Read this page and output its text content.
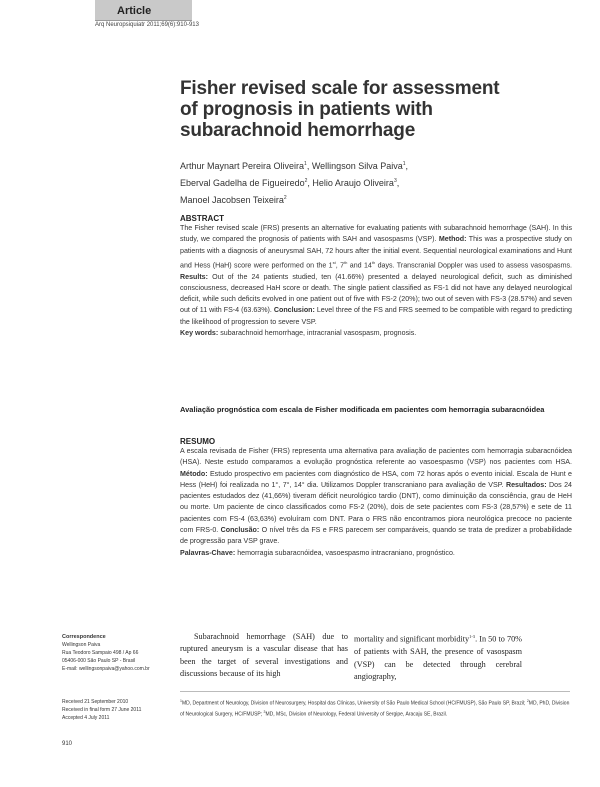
Article
Arq Neuropsiquiatr 2011;69(6):910-913
Fisher revised scale for assessment
of prognosis in patients with
subarachnoid hemorrhage
Arthur Maynart Pereira Oliveira$^1$, Wellingson Silva Paiva$^1$,
Eberval Gadelha de Figueiredo$^2$, Helio Araujo Oliveira$^3$,
Manoel Jacobsen Teixeira$^2$
ABSTRACT
The Fisher revised scale (FRS) presents an alternative for evaluating patients with subarachnoid hemorrhage (SAH). In this study, we compared the prognosis of patients with SAH and vasospasms (VSP). Method: This was a prospective study on patients with a diagnosis of aneurysmal SAH, 72 hours after the initial event. Sequential neurological examinations and Hunt and Hess (HaH) score were performed on the 1st, 7th and 14th days. Transcranial Doppler was used to assess vasospasms. Results: Out of the 24 patients studied, ten (41.66%) presented a delayed neurological deficit, such as diminished consciousness, decreased HaH score or death. The single patient classified as FS-1 did not have any delayed neurological deficit, while such deficits evolved in one patient out of five with FS-2 (20%); two out of seven with FS-3 (28.57%) and seven out of 11 with FS-4 (63.63%). Conclusion: Level three of the FS and FRS seemed to be compatible with regard to predicting the likelihood of progression to severe VSP.
Key words: subarachnoid hemorrhage, intracranial vasospasm, prognosis.
Avaliação prognóstica com escala de Fisher modificada em pacientes com hemorragia subaracnóidea
RESUMO
A escala revisada de Fisher (FRS) representa uma alternativa para avaliação de pacientes com hemorragia subaracnóidea (HSA). Neste estudo comparamos a evolução prognóstica referente ao vasoespasmo (VSP) nos pacientes com HSA. Método: Estudo prospectivo em pacientes com diagnóstico de HSA, com 72 horas após o evento inicial. Escala de Hunt e Hess (HeH) foi realizada no 1°, 7°, 14° dia. Utilizamos Doppler transcraniano para avaliação de VSP. Resultados: Dos 24 pacientes estudados dez (41,66%) tiveram déficit neurológico tardio (DNT), como diminuição da consciência, grau de HeH ou morte. Um paciente de cinco classificados como FS-2 (20%), dois de sete pacientes com FS-3 (28,57%) e sete de 11 pacientes com FS-4 (63,63%) evoluíram com DNT. Para o FRS não encontramos piora neurológica precoce no paciente com FRS-0. Conclusão: O nível três da FS e FRS parecem ser comparáveis, quando se trata de predizer a probabilidade de progressão para VSP grave.
Palavras-Chave: hemorragia subaracnóidea, vasoespasmo intracraniano, prognóstico.
Correspondence
Wellingson Paiva
Rua Teodoro Sampaio 498 / Ap 66
05406-000 São Paulo SP - Brasil
E-mail: wellingsonpaiva@yahoo.com.br
Received 21 September 2010
Received in final form 27 June 2011
Accepted 4 July 2011
910
Subarachnoid hemorrhage (SAH) due to ruptured aneurysm is a vascular disease that has been the target of several investigations and discussions because of its high
mortality and significant morbidity$^{1-3}$. In 50 to 70% of patients with SAH, the presence of vasospasm (VSP) can be detected through cerebral angiography,
$^1$MD, Department of Neurology, Division of Neurosurgery, Hospital das Clínicas, University of São Paulo Medical School (HC/FMUSP), São Paulo SP, Brazil; $^2$MD, PhD, Division of Neurological Surgery, HC/FMUSP; $^3$MD, MSc, Division of Neurology, Federal University of Sergipe, Aracaju SE, Brazil.
